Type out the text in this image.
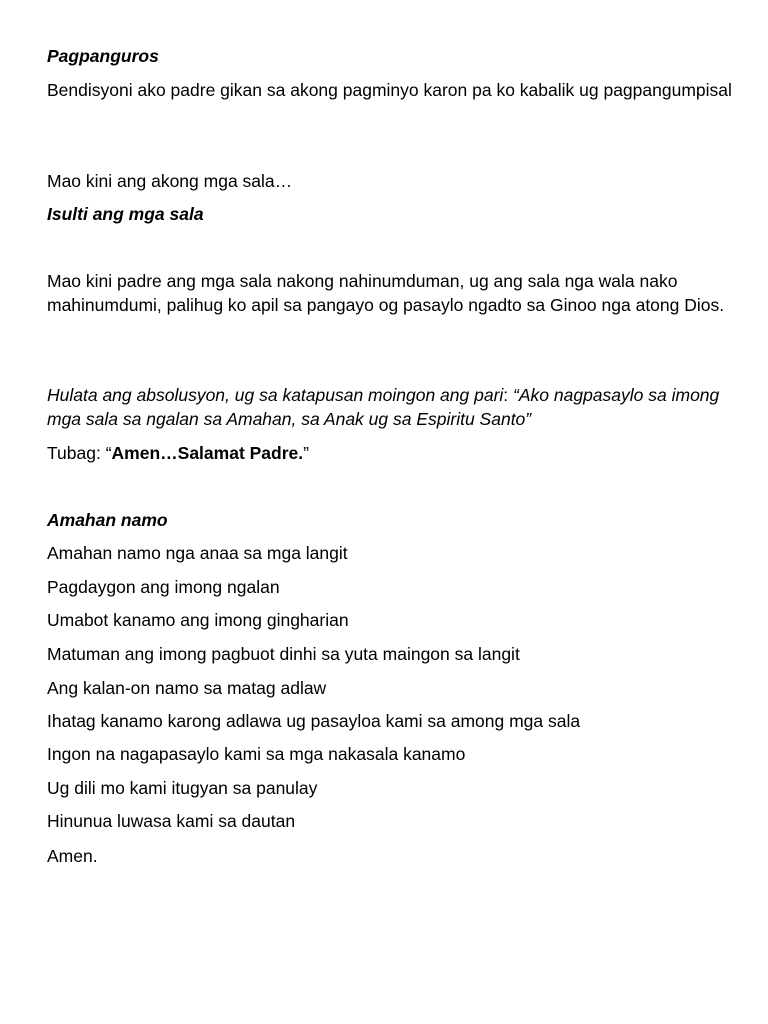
Pagpanguros
Bendisyoni ako padre gikan sa akong pagminyo karon pa ko kabalik ug pagpangumpisal
Mao kini ang akong mga sala…
Isulti ang mga sala
Mao kini padre ang mga sala nakong nahinumduman, ug ang sala nga wala nako mahinumdumi, palihug ko apil sa pangayo og pasaylo ngadto sa Ginoo nga atong Dios.
Hulata ang absolusyon, ug sa katapusan moingon ang pari: “Ako nagpasaylo sa imong mga sala sa ngalan sa Amahan, sa Anak ug sa Espiritu Santo”
Tubag: “Amen…Salamat Padre.”
Amahan namo
Amahan namo nga anaa sa mga langit
Pagdaygon ang imong ngalan
Umabot kanamo ang imong gingharian
Matuman ang imong pagbuot dinhi sa yuta maingon sa langit
Ang kalan-on namo sa matag adlaw
Ihatag kanamo karong adlawa ug pasayloa kami sa among mga sala
Ingon na nagapasaylo kami sa mga nakasala kanamo
Ug dili mo kami itugyan sa panulay
Hinunua luwasa kami sa dautan
Amen.
